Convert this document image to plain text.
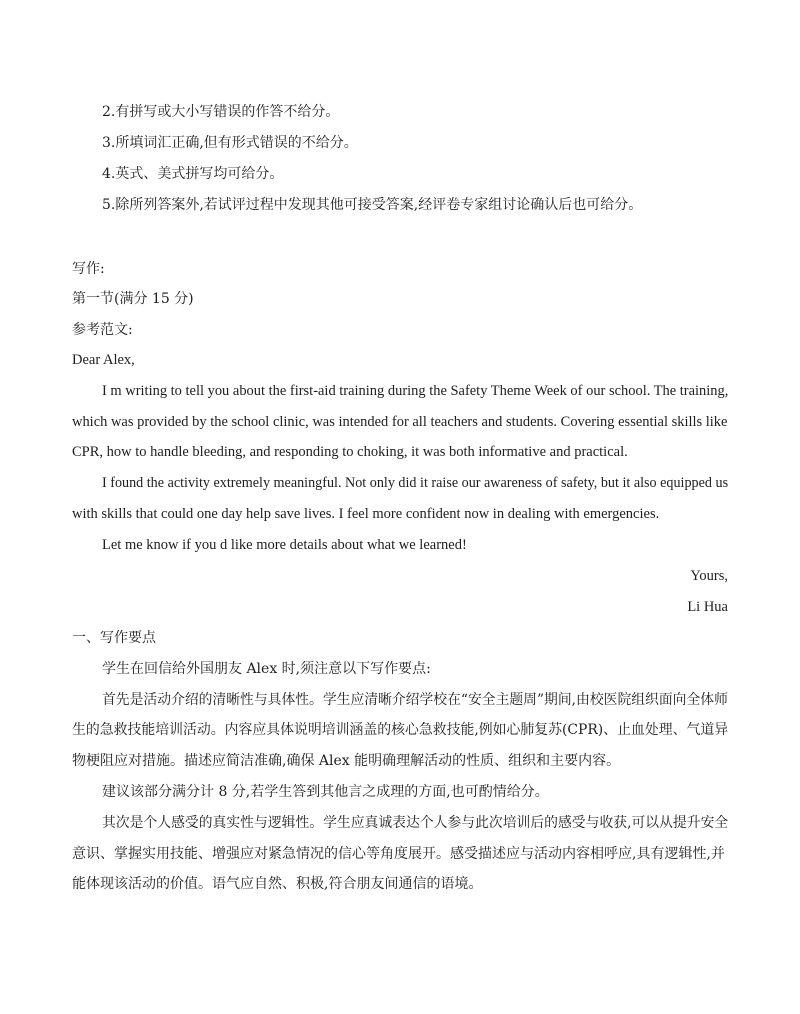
2.有拼写或大小写错误的作答不给分。
3.所填词汇正确,但有形式错误的不给分。
4.英式、美式拼写均可给分。
5.除所列答案外,若试评过程中发现其他可接受答案,经评卷专家组讨论确认后也可给分。
写作:
第一节(满分 15 分)
参考范文:
Dear Alex,
I m writing to tell you about the first-aid training during the Safety Theme Week of our school. The training,
which was provided by the school clinic, was intended for all teachers and students. Covering essential skills like
CPR, how to handle bleeding, and responding to choking, it was both informative and practical.
I found the activity extremely meaningful. Not only did it raise our awareness of safety, but it also equipped us
with skills that could one day help save lives. I feel more confident now in dealing with emergencies.
Let me know if you d like more details about what we learned!
Yours,
Li Hua
一、写作要点
学生在回信给外国朋友 Alex 时,须注意以下写作要点:
首先是活动介绍的清晰性与具体性。学生应清晰介绍学校在“安全主题周”期间,由校医院组织面向全体师
生的急救技能培训活动。内容应具体说明培训涵盖的核心急救技能,例如心肺复苏(CPR)、止血处理、气道异
物梗阻应对措施。描述应简洁准确,确保 Alex 能明确理解活动的性质、组织和主要内容。
建议该部分满分计 8 分,若学生答到其他言之成理的方面,也可酌情给分。
其次是个人感受的真实性与逻辑性。学生应真诚表达个人参与此次培训后的感受与收获,可以从提升安全
意识、掌握实用技能、增强应对紧急情况的信心等角度展开。感受描述应与活动内容相呼应,具有逻辑性,并
能体现该活动的价值。语气应自然、积极,符合朋友间通信的语境。
